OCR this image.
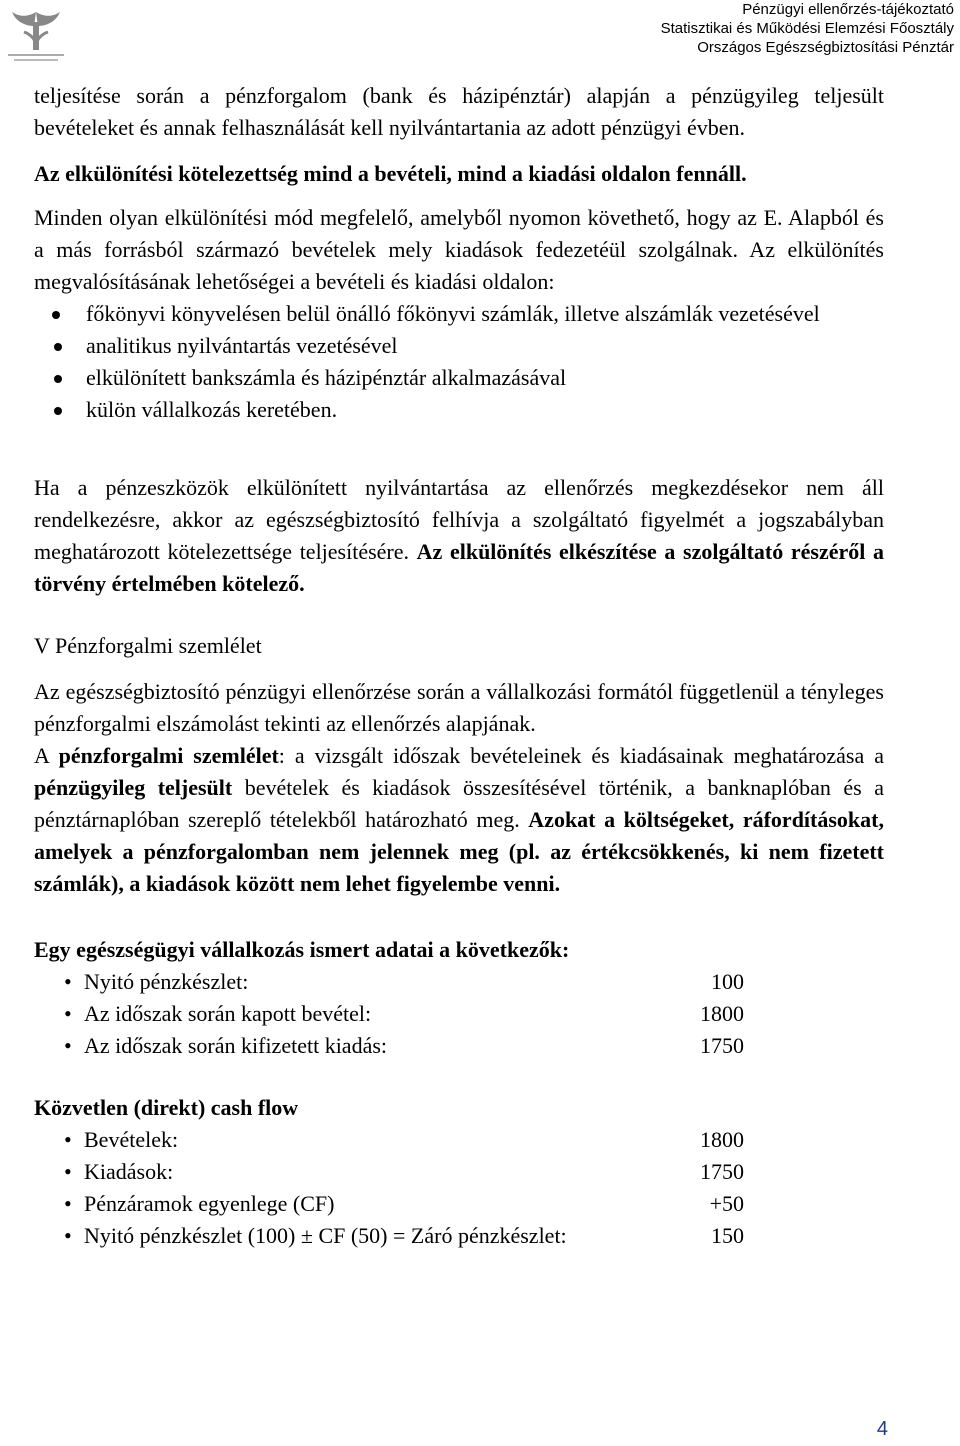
Pénzügyi ellenőrzés-tájékoztató
Statisztikai és Működési Elemzési Főosztály
Országos Egészségbiztosítási Pénztár

teljesítése során a pénzforgalom (bank és házipénztár) alapján a pénzügyileg teljesült bevételeket és annak felhasználását kell nyilvántartania az adott pénzügyi évben.

Az elkülönítési kötelezettség mind a bevételi, mind a kiadási oldalon fennáll.

Minden olyan elkülönítési mód megfelelő, amelyből nyomon követhető, hogy az E. Alapból és a más forrásból származó bevételek mely kiadások fedezetéül szolgálnak. Az elkülönítés megvalósításának lehetőségei a bevételi és kiadási oldalon:

főkönyvi könyvelésen belül önálló főkönyvi számlák, illetve alszámlák vezetésével
analitikus nyilvántartás vezetésével
elkülönített bankszámla és házipénztár alkalmazásával
külön vállalkozás keretében.

Ha a pénzeszközök elkülönített nyilvántartása az ellenőrzés megkezdésekor nem áll rendelkezésre, akkor az egészségbiztosító felhívja a szolgáltató figyelmét a jogszabályban meghatározott kötelezettsége teljesítésére. Az elkülönítés elkészítése a szolgáltató részéről a törvény értelmében kötelező.

V Pénzforgalmi szemlélet

Az egészségbiztosító pénzügyi ellenőrzése során a vállalkozási formától függetlenül a tényleges pénzforgalmi elszámolást tekinti az ellenőrzés alapjának.

A pénzforgalmi szemlélet: a vizsgált időszak bevételeinek és kiadásainak meghatározása a pénzügyileg teljesült bevételek és kiadások összesítésével történik, a banknaplóban és a pénztárnaplóban szereplő tételekből határozható meg. Azokat a költségeket, ráfordításokat, amelyek a pénzforgalomban nem jelennek meg (pl. az értékcsökkenés, ki nem fizetett számlák), a kiadások között nem lehet figyelembe venni.

Egy egészségügyi vállalkozás ismert adatai a következők:

• Nyitó pénzkészlet:	100
• Az időszak során kapott bevétel:	1800
• Az időszak során kifizetett kiadás:	1750

Közvetlen (direkt) cash flow

• Bevételek:	1800
• Kiadások:	1750
• Pénzáramok egyenlege (CF)	+50
• Nyitó pénzkészlet (100) ± CF (50) = Záró pénzkészlet:	150
4
